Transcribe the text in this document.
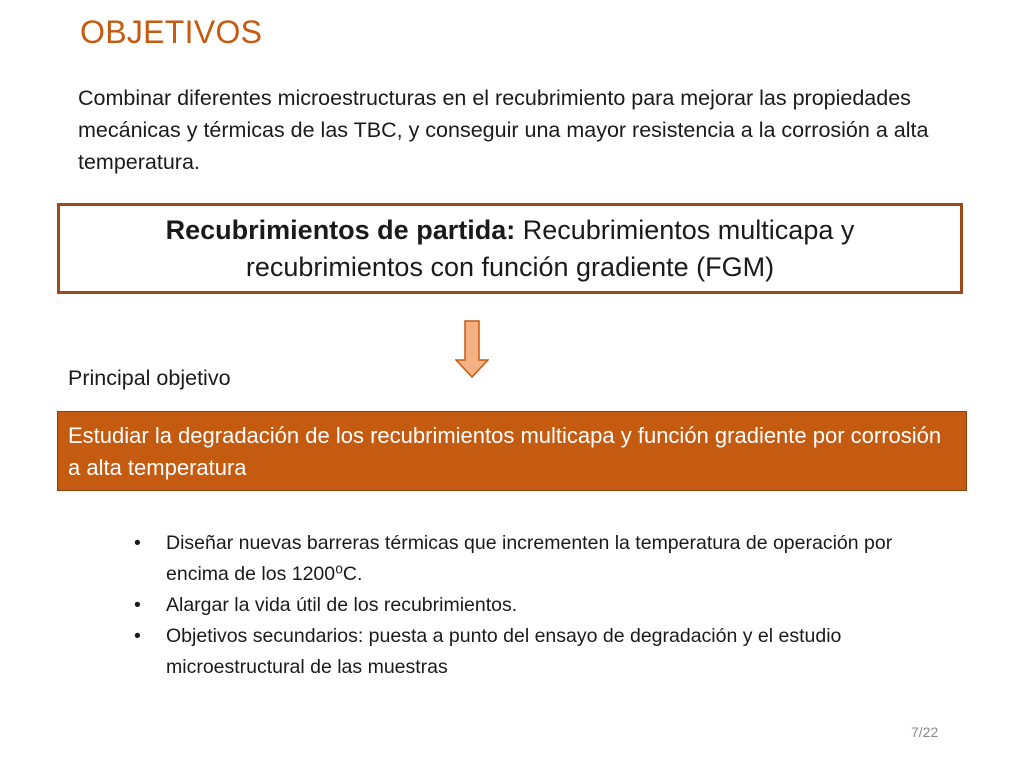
OBJETIVOS
Combinar diferentes microestructuras en el recubrimiento para mejorar las propiedades mecánicas y térmicas de las TBC, y conseguir una mayor resistencia a la corrosión a alta temperatura.
Recubrimientos de partida: Recubrimientos multicapa y
recubrimientos con función gradiente (FGM)
Principal objetivo
Estudiar la degradación de los recubrimientos multicapa y función gradiente por corrosión a alta temperatura
•	Diseñar nuevas barreras térmicas que incrementen la temperatura de operación por encima de los 1200⁰C.
•	Alargar la vida útil de los recubrimientos.
•	Objetivos secundarios: puesta a punto del ensayo de degradación y el estudio microestructural de las muestras
7/22
